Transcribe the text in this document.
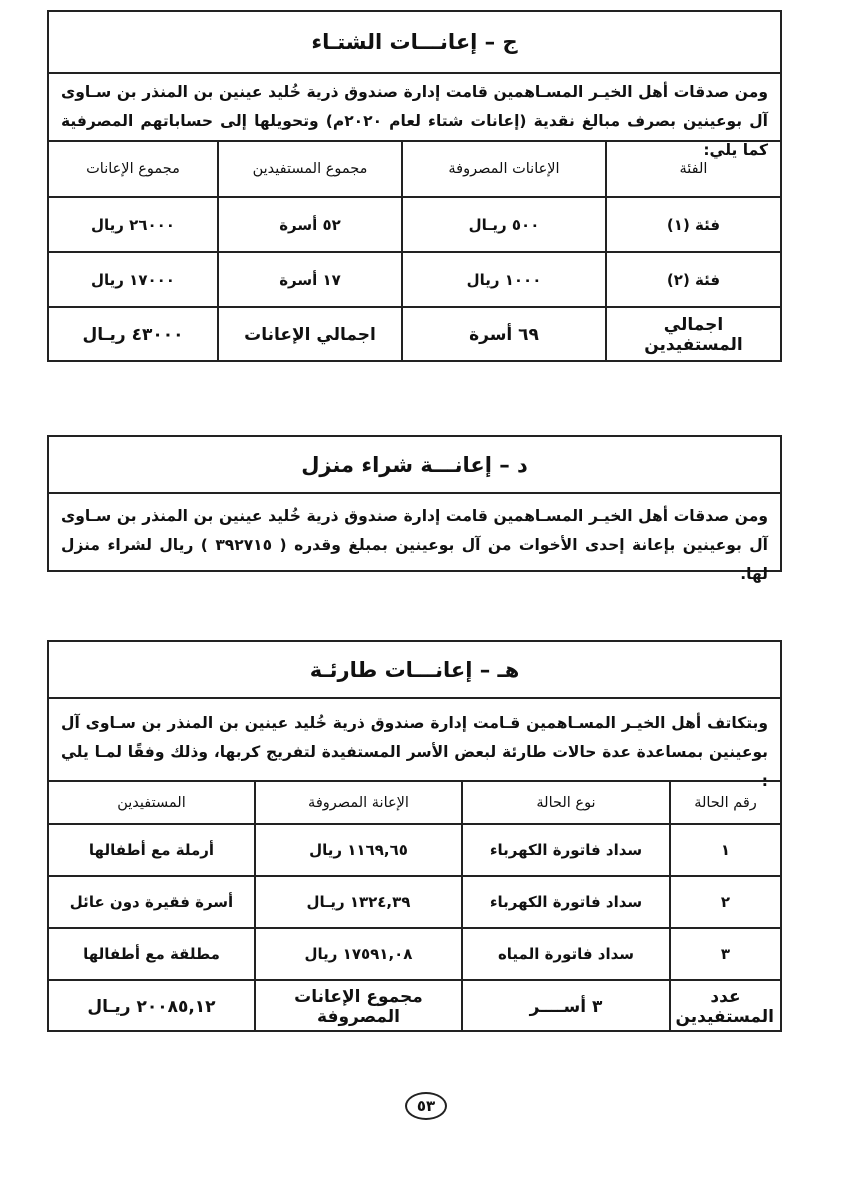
ج – إعانـــات الشتـاء
ومن صدقات أهل الخيـر المسـاهمين قامت إدارة صندوق ذرية خُليد عينين بن المنذر بن سـاوى آل بوعينين بصرف مبالغ نقدية (إعانات شتاء لعام ٢٠٢٠م) وتحويلها إلى حساباتهم المصرفية كما يلي:
الفئة	الإعانات المصروفة	مجموع المستفيدين	مجموع الإعانات
فئة (١)	٥٠٠ ريـال	٥٢ أسرة	٢٦٠٠٠ ريال
فئة (٢)	١٠٠٠ ريال	١٧ أسرة	١٧٠٠٠ ريال
اجمالي المستفيدين	٦٩ أسرة	اجمالي الإعانات	٤٣٠٠٠ ريـال
د – إعانـــة شراء منزل
ومن صدقات أهل الخيـر المسـاهمين قامت إدارة صندوق ذرية خُليد عينين بن المنذر بن سـاوى آل بوعينين بإعانة إحدى الأخوات من آل بوعينين بمبلغ وقدره ( ٣٩٢٧١٥ ) ريال لشراء منزل لها.
هـ – إعانـــات طارئـة
وبتكاتف أهل الخيـر المسـاهمين قـامت إدارة صندوق ذرية خُليد عينين بن المنذر بن سـاوى آل بوعينين بمساعدة عدة حالات طارئة لبعض الأسر المستفيدة لتفريج كربها، وذلك وفقًا لمـا يلي :
رقم الحالة	نوع الحالة	الإعانة المصروفة	المستفيدين
١	سداد فاتورة الكهرباء	١١٦٩,٦٥ ريال	أرملة مع أطفالها
٢	سداد فاتورة الكهرباء	١٣٢٤,٣٩ ريـال	أسرة فقيرة دون عائل
٣	سداد فاتورة المياه	١٧٥٩١,٠٨ ريال	مطلقة مع أطفالها
عدد المستفيدين	٣ أســــر	مجموع الإعانات المصروفة	٢٠٠٨٥,١٢ ريـال
٥٣
